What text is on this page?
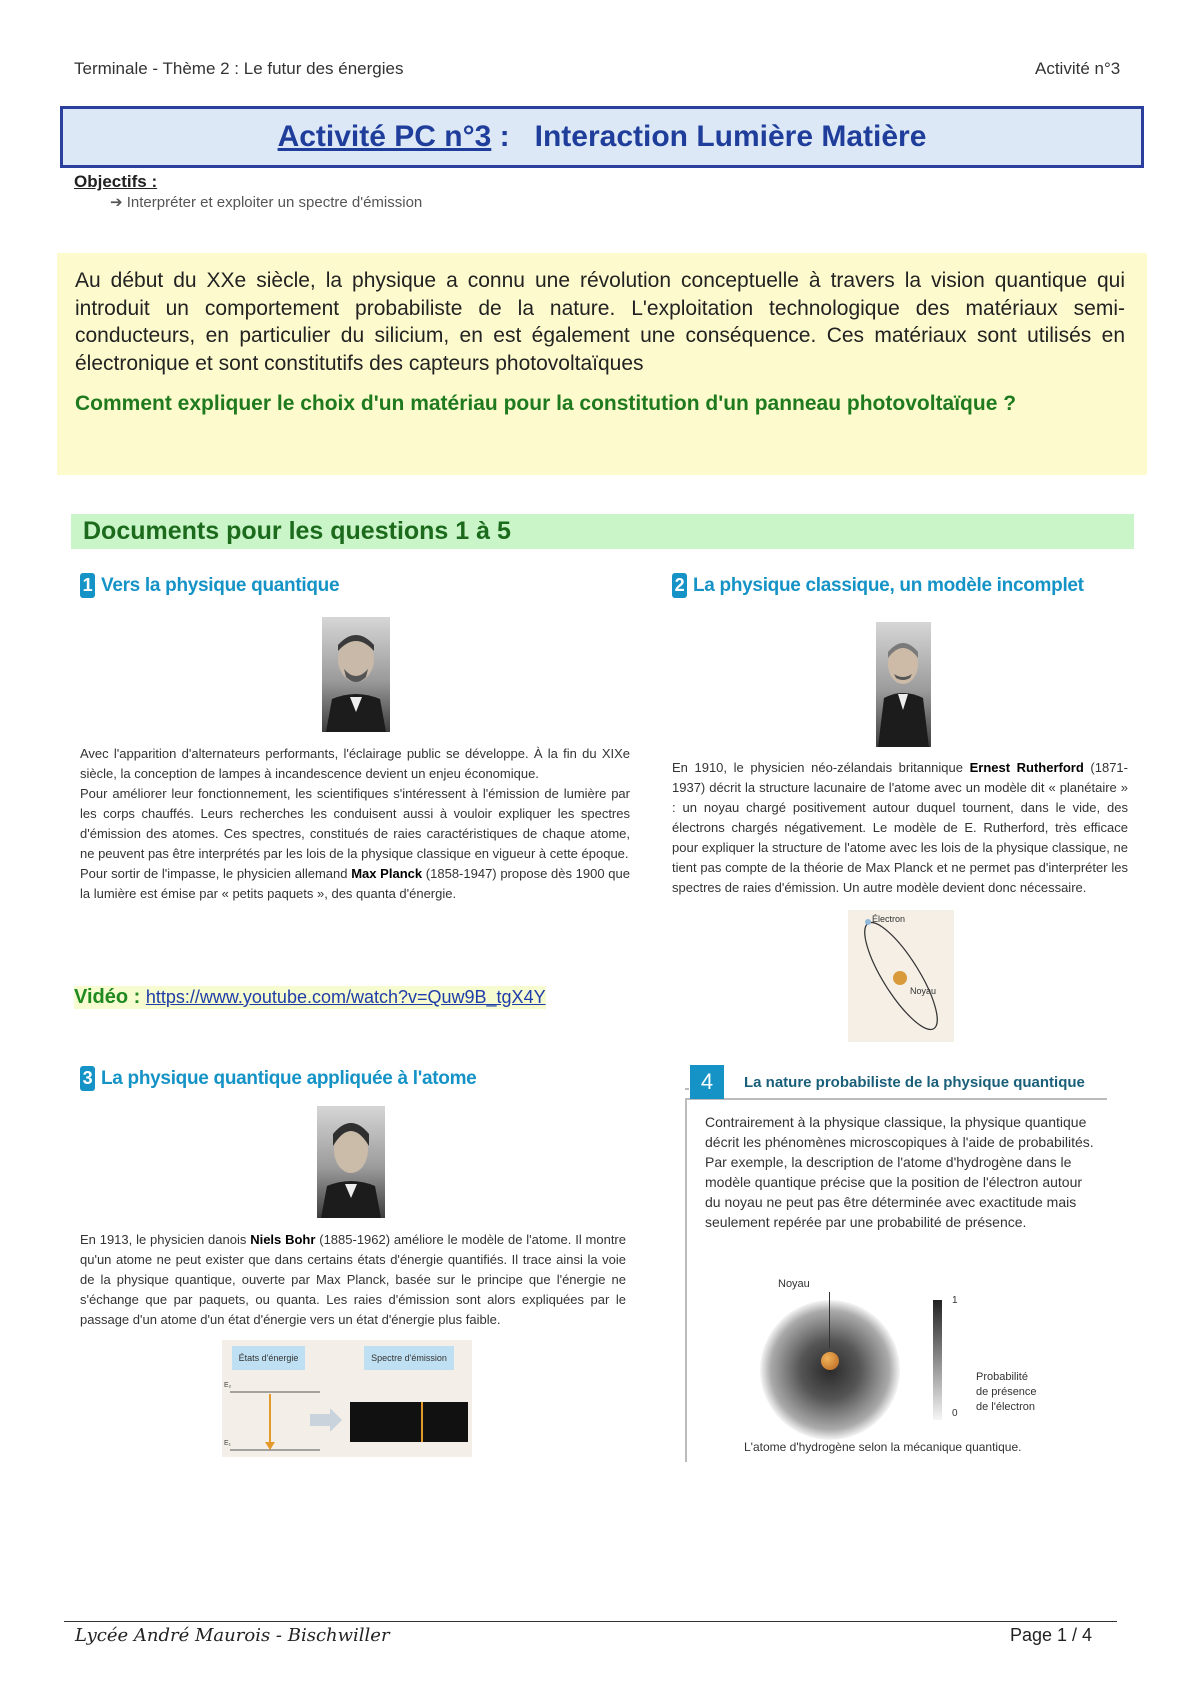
Terminale - Thème 2 : Le futur des énergies	Activité n°3
Activité PC n°3 : Interaction Lumière Matière
Objectifs :
➔ Interpréter et exploiter un spectre d'émission

Au début du XXe siècle, la physique a connu une révolution conceptuelle à travers la vision quantique qui introduit un comportement probabiliste de la nature. L'exploitation technologique des matériaux semi-conducteurs, en particulier du silicium, en est également une conséquence. Ces matériaux sont utilisés en électronique et sont constitutifs des capteurs photovoltaïques

Comment expliquer le choix d'un matériau pour la constitution d'un panneau photovoltaïque ?

Documents pour les questions 1 à 5
1 Vers la physique quantique
Avec l'apparition d'alternateurs performants, l'éclairage public se développe. À la fin du XIXe siècle, la conception de lampes à incandescence devient un enjeu économique.
Pour améliorer leur fonctionnement, les scientifiques s'intéressent à l'émission de lumière par les corps chauffés. Leurs recherches les conduisent aussi à vouloir expliquer les spectres d'émission des atomes. Ces spectres, constitués de raies caractéristiques de chaque atome, ne peuvent pas être interprétés par les lois de la physique classique en vigueur à cette époque.
Pour sortir de l'impasse, le physicien allemand Max Planck (1858-1947) propose dès 1900 que la lumière est émise par « petits paquets », des quanta d'énergie.
Vidéo : https://www.youtube.com/watch?v=Quw9B_tgX4Y
2 La physique classique, un modèle incomplet
En 1910, le physicien néo-zélandais britannique Ernest Rutherford (1871-1937) décrit la structure lacunaire de l'atome avec un modèle dit « planétaire » : un noyau chargé positivement autour duquel tournent, dans le vide, des électrons chargés négativement. Le modèle de E. Rutherford, très efficace pour expliquer la structure de l'atome avec les lois de la physique classique, ne tient pas compte de la théorie de Max Planck et ne permet pas d'interpréter les spectres de raies d'émission. Un autre modèle devient donc nécessaire.
Électron
Noyau
3 La physique quantique appliquée à l'atome
En 1913, le physicien danois Niels Bohr (1885-1962) améliore le modèle de l'atome. Il montre qu'un atome ne peut exister que dans certains états d'énergie quantifiés. Il trace ainsi la voie de la physique quantique, ouverte par Max Planck, basée sur le principe que l'énergie ne s'échange que par paquets, ou quanta. Les raies d'émission sont alors expliquées par le passage d'un atome d'un état d'énergie vers un état d'énergie plus faible.
États d'énergie	Spectre d'émission
E₂
E₁
4	La nature probabiliste de la physique quantique
Contrairement à la physique classique, la physique quantique décrit les phénomènes microscopiques à l'aide de probabilités.
Par exemple, la description de l'atome d'hydrogène dans le modèle quantique précise que la position de l'électron autour du noyau ne peut pas être déterminée avec exactitude mais seulement repérée par une probabilité de présence.
Noyau
1
0
Probabilité
de présence
de l'électron
L'atome d'hydrogène selon la mécanique quantique.
Lycée André Maurois - Bischwiller	Page 1 / 4
